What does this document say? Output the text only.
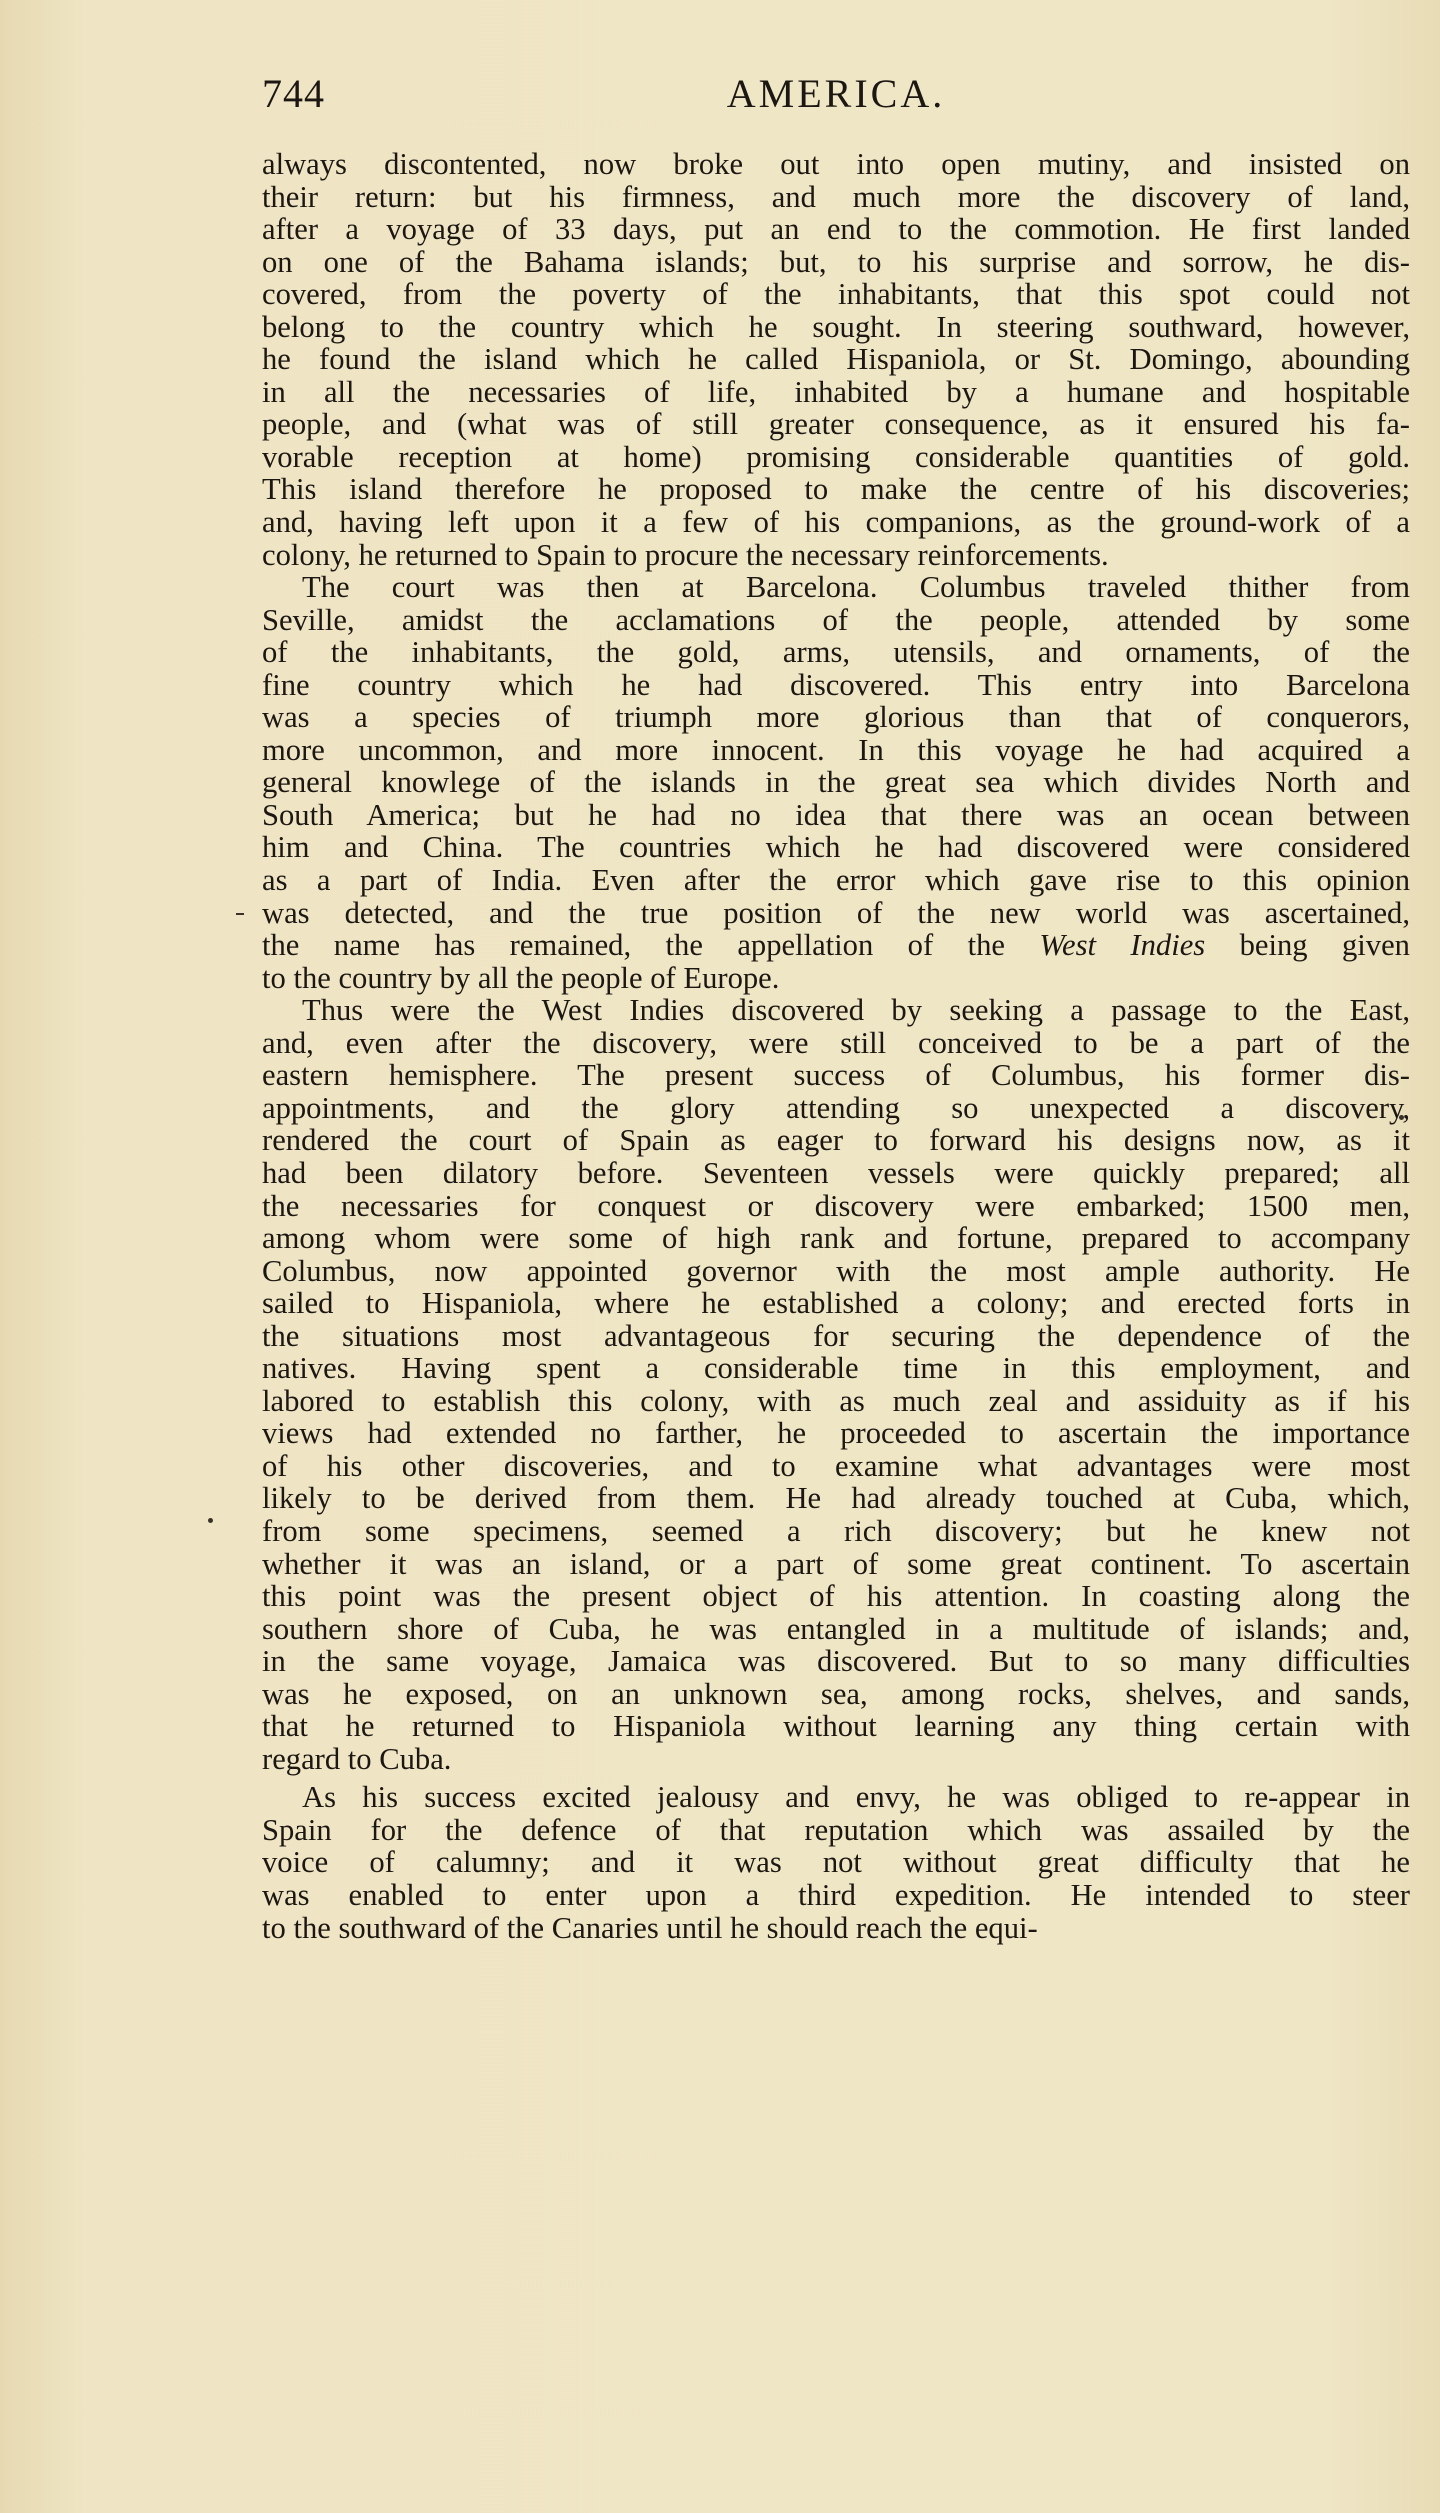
744	AMERICA.
always discontented, now broke out into open mutiny, and insisted on
their return: but his firmness, and much more the discovery of land,
after a voyage of 33 days, put an end to the commotion. He first landed
on one of the Bahama islands; but, to his surprise and sorrow, he dis-
covered, from the poverty of the inhabitants, that this spot could not
belong to the country which he sought. In steering southward, however,
he found the island which he called Hispaniola, or St. Domingo, abounding
in all the necessaries of life, inhabited by a humane and hospitable
people, and (what was of still greater consequence, as it ensured his fa-
vorable reception at home) promising considerable quantities of gold.
This island therefore he proposed to make the centre of his discoveries;
and, having left upon it a few of his companions, as the ground-work of a
colony, he returned to Spain to procure the necessary reinforcements.
The court was then at Barcelona. Columbus traveled thither from
Seville, amidst the acclamations of the people, attended by some
of the inhabitants, the gold, arms, utensils, and ornaments, of the
fine country which he had discovered. This entry into Barcelona
was a species of triumph more glorious than that of conquerors,
more uncommon, and more innocent. In this voyage he had acquired a
general knowlege of the islands in the great sea which divides North and
South America; but he had no idea that there was an ocean between
him and China. The countries which he had discovered were considered
as a part of India. Even after the error which gave rise to this opinion
was detected, and the true position of the new world was ascertained,
the name has remained, the appellation of the West Indies being given
to the country by all the people of Europe.
Thus were the West Indies discovered by seeking a passage to the East,
and, even after the discovery, were still conceived to be a part of the
eastern hemisphere. The present success of Columbus, his former dis-
appointments, and the glory attending so unexpected a discovery,
rendered the court of Spain as eager to forward his designs now, as it
had been dilatory before. Seventeen vessels were quickly prepared; all
the necessaries for conquest or discovery were embarked; 1500 men,
among whom were some of high rank and fortune, prepared to accompany
Columbus, now appointed governor with the most ample authority. He
sailed to Hispaniola, where he established a colony; and erected forts in
the situations most advantageous for securing the dependence of the
natives. Having spent a considerable time in this employment, and
labored to establish this colony, with as much zeal and assiduity as if his
views had extended no farther, he proceeded to ascertain the importance
of his other discoveries, and to examine what advantages were most
likely to be derived from them. He had already touched at Cuba, which,
from some specimens, seemed a rich discovery; but he knew not
whether it was an island, or a part of some great continent. To ascertain
this point was the present object of his attention. In coasting along the
southern shore of Cuba, he was entangled in a multitude of islands; and,
in the same voyage, Jamaica was discovered. But to so many difficulties
was he exposed, on an unknown sea, among rocks, shelves, and sands,
that he returned to Hispaniola without learning any thing certain with
regard to Cuba.
As his success excited jealousy and envy, he was obliged to re-appear in
Spain for the defence of that reputation which was assailed by the
voice of calumny; and it was not without great difficulty that he
was enabled to enter upon a third expedition. He intended to steer
to the southward of the Canaries until he should reach the equi-
